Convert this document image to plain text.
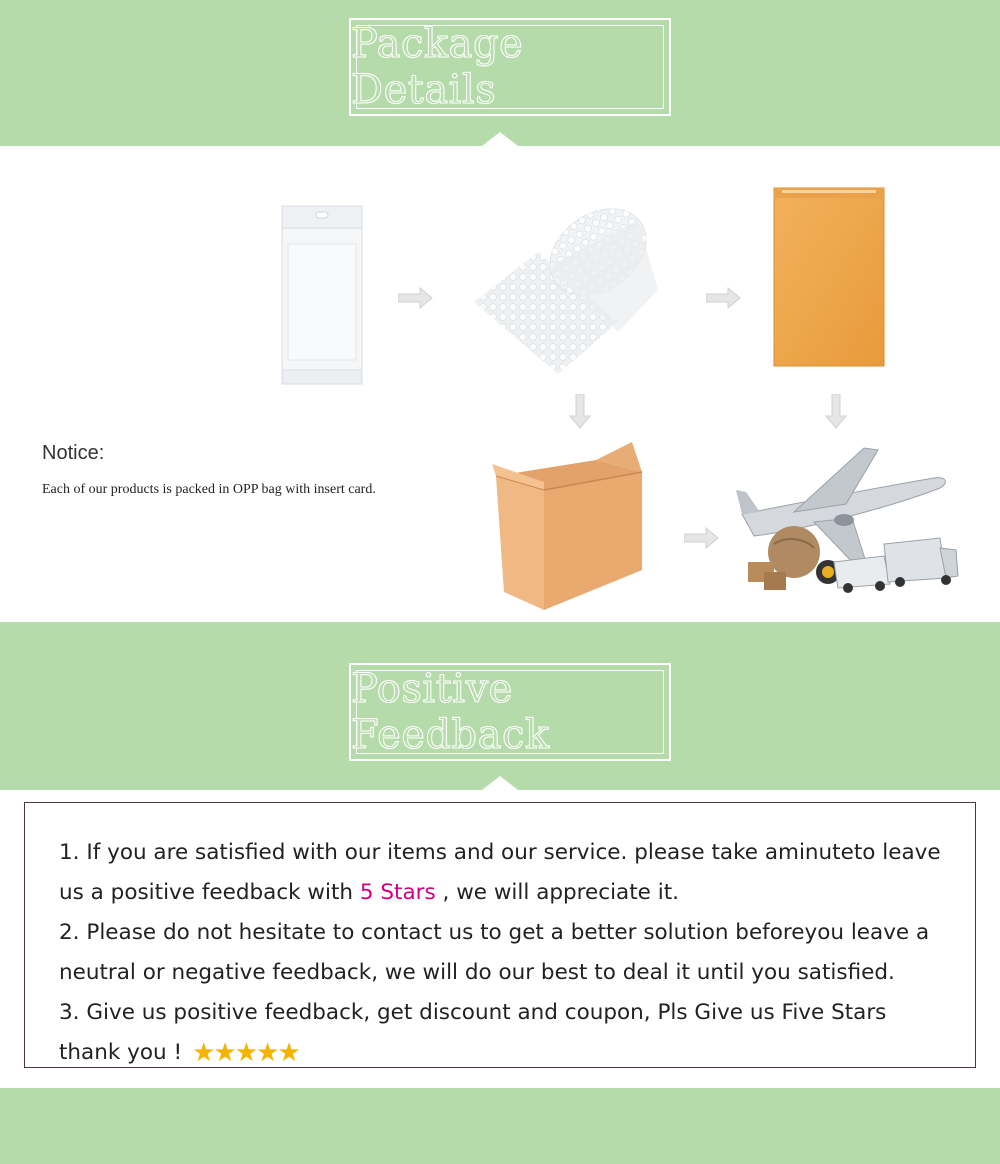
Package Details
Notice:
Each of our products is packed in OPP bag with insert card.
Positive Feedback
1. If you are satisfied with our items and our service. please take aminuteto leave
us a positive feedback with 5 Stars , we will appreciate it.
2. Please do not hesitate to contact us to get a better solution beforeyou leave a
neutral or negative feedback, we will do our best to deal it until you satisfied.
3. Give us positive feedback, get discount and coupon, Pls Give us Five Stars
thank you ! ★★★★★
